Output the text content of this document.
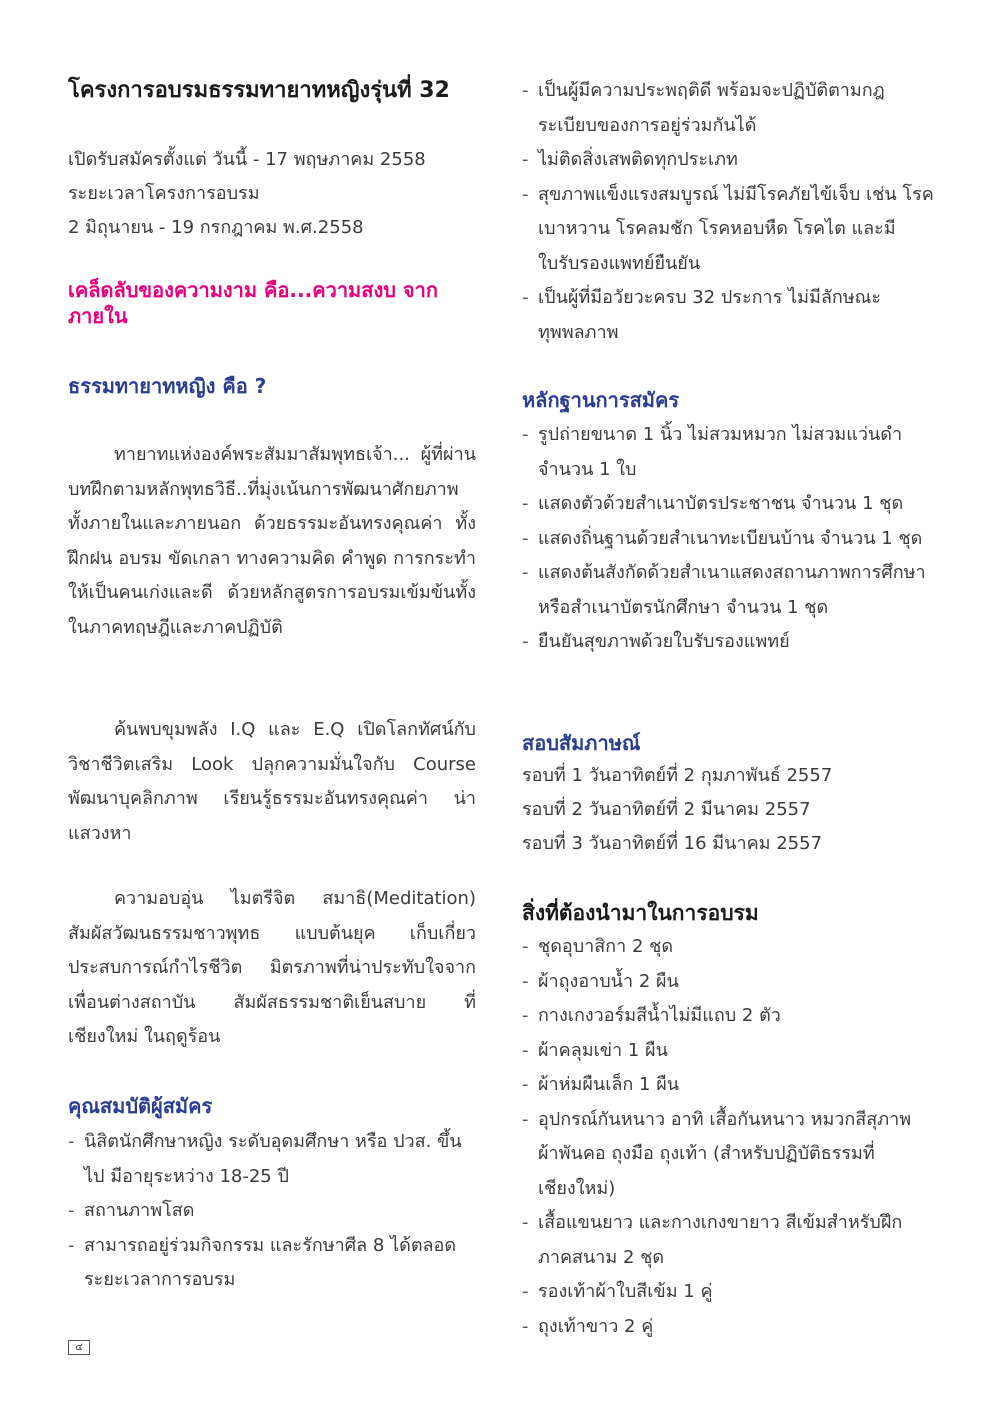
โครงการอบรมธรรมทายาทหญิงรุ่นที่ 32
เปิดรับสมัครตั้งแต่ วันนี้ - 17 พฤษภาคม 2558
ระยะเวลาโครงการอบรม
2 มิถุนายน - 19 กรกฎาคม พ.ศ.2558

เคล็ดลับของความงาม คือ...ความสงบ จากภายใน

ธรรมทายาทหญิง คือ ?

ทายาทแห่งองค์พระสัมมาสัมพุทธเจ้า... ผู้ที่ผ่านบทฝึกตามหลักพุทธวิธี..ที่มุ่งเน้นการพัฒนาศักยภาพทั้งภายในและภายนอก ด้วยธรรมะอันทรงคุณค่า ทั้งฝึกฝน อบรม ขัดเกลา ทางความคิด คำพูด การกระทำ ให้เป็นคนเก่งและดี ด้วยหลักสูตรการอบรมเข้มข้นทั้งในภาคทฤษฎีและภาคปฏิบัติ

ค้นพบขุมพลัง I.Q และ E.Q เปิดโลกทัศน์กับวิชาชีวิตเสริม Look ปลุกความมั่นใจกับ Course พัฒนาบุคลิกภาพ เรียนรู้ธรรมะอันทรงคุณค่า น่าแสวงหา

ความอบอุ่น ไมตรีจิต สมาธิ(Meditation) สัมผัสวัฒนธรรมชาวพุทธ แบบต้นยุค เก็บเกี่ยวประสบการณ์กำไรชีวิต มิตรภาพที่น่าประทับใจจากเพื่อนต่างสถาบัน สัมผัสธรรมชาติเย็นสบาย ที่เชียงใหม่ ในฤดูร้อน

คุณสมบัติผู้สมัคร
- นิสิตนักศึกษาหญิง ระดับอุดมศึกษา หรือ ปวส. ขึ้นไป มีอายุระหว่าง 18-25 ปี
- สถานภาพโสด
- สามารถอยู่ร่วมกิจกรรม และรักษาศีล 8 ได้ตลอดระยะเวลาการอบรม
๔
- เป็นผู้มีความประพฤติดี พร้อมจะปฏิบัติตามกฎระเบียบของการอยู่ร่วมกันได้
- ไม่ติดสิ่งเสพติดทุกประเภท
- สุขภาพแข็งแรงสมบูรณ์ ไม่มีโรคภัยไข้เจ็บ เช่น โรคเบาหวาน โรคลมชัก โรคหอบหืด โรคไต และมีใบรับรองแพทย์ยืนยัน
- เป็นผู้ที่มีอวัยวะครบ 32 ประการ ไม่มีลักษณะทุพพลภาพ
หลักฐานการสมัคร
- รูปถ่ายขนาด 1 นิ้ว ไม่สวมหมวก ไม่สวมแว่นดำ จำนวน 1 ใบ
- แสดงตัวด้วยสำเนาบัตรประชาชน จำนวน 1 ชุด
- แสดงถิ่นฐานด้วยสำเนาทะเบียนบ้าน จำนวน 1 ชุด
- แสดงต้นสังกัดด้วยสำเนาแสดงสถานภาพการศึกษา หรือสำเนาบัตรนักศึกษา จำนวน 1 ชุด
- ยืนยันสุขภาพด้วยใบรับรองแพทย์
สอบสัมภาษณ์
รอบที่ 1 วันอาทิตย์ที่ 2 กุมภาพันธ์ 2557
รอบที่ 2 วันอาทิตย์ที่ 2 มีนาคม 2557
รอบที่ 3 วันอาทิตย์ที่ 16 มีนาคม 2557
สิ่งที่ต้องนำมาในการอบรม
- ชุดอุบาสิกา 2 ชุด
- ผ้าถุงอาบน้ำ 2 ผืน
- กางเกงวอร์มสีน้ำไม่มีแถบ 2 ตัว
- ผ้าคลุมเข่า 1 ผืน
- ผ้าห่มผืนเล็ก 1 ผืน
- อุปกรณ์กันหนาว อาทิ เสื้อกันหนาว หมวกสีสุภาพ ผ้าพันคอ ถุงมือ ถุงเท้า (สำหรับปฏิบัติธรรมที่เชียงใหม่)
- เสื้อแขนยาว และกางเกงขายาว สีเข้มสำหรับฝึกภาคสนาม 2 ชุด
- รองเท้าผ้าใบสีเข้ม 1 คู่
- ถุงเท้าขาว 2 คู่
